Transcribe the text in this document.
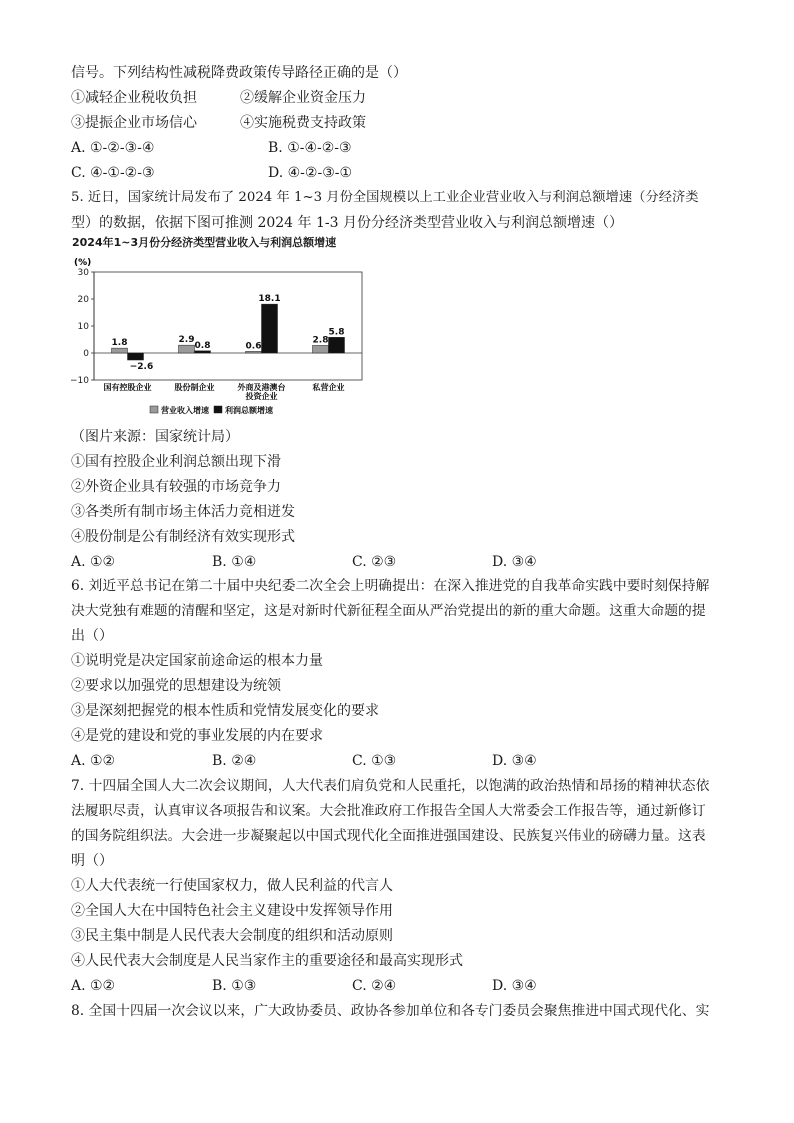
信号。下列结构性减税降费政策传导路径正确的是（）
①减轻企业税收负担	②缓解企业资金压力
③提振企业市场信心	④实施税费支持政策
A. ①-②-③-④	B. ①-④-②-③
C. ④-①-②-③	D. ④-②-③-①
5. 近日，国家统计局发布了 2024 年 1~3 月份全国规模以上工业企业营业收入与利润总额增速（分经济类
型）的数据，依据下图可推测 2024 年 1-3 月份分经济类型营业收入与利润总额增速（）
2024年1~3月份分经济类型营业收入与利润总额增速
(%)
30
20
10
0
−10
1.8
−2.6
2.9
0.8	0.6
18.1
2.8
5.8
国有控股企业	股份制企业	外商及港澳台
投资企业
私营企业
营业收入增速 利润总额增速
（图片来源：国家统计局）
①国有控股企业利润总额出现下滑
②外资企业具有较强的市场竞争力
③各类所有制市场主体活力竞相迸发
④股份制是公有制经济有效实现形式
A. ①②	B. ①④	C. ②③	D. ③④
6. 刘近平总书记在第二十届中央纪委二次全会上明确提出：在深入推进党的自我革命实践中要时刻保持解
决大党独有难题的清醒和坚定，这是对新时代新征程全面从严治党提出的新的重大命题。这重大命题的提
出（）
①说明党是决定国家前途命运的根本力量
②要求以加强党的思想建设为统领
③是深刻把握党的根本性质和党情发展变化的要求
④是党的建设和党的事业发展的内在要求
A. ①②	B. ②④	C. ①③	D. ③④
7. 十四届全国人大二次会议期间，人大代表们肩负党和人民重托，以饱满的政治热情和昂扬的精神状态依
法履职尽责，认真审议各项报告和议案。大会批准政府工作报告全国人大常委会工作报告等，通过新修订
的国务院组织法。大会进一步凝聚起以中国式现代化全面推进强国建设、民族复兴伟业的磅礴力量。这表
明（）
①人大代表统一行使国家权力，做人民利益的代言人
②全国人大在中国特色社会主义建设中发挥领导作用
③民主集中制是人民代表大会制度的组织和活动原则
④人民代表大会制度是人民当家作主的重要途径和最高实现形式
A. ①②	B. ①③	C. ②④	D. ③④
8. 全国十四届一次会议以来，广大政协委员、政协各参加单位和各专门委员会聚焦推进中国式现代化、实
